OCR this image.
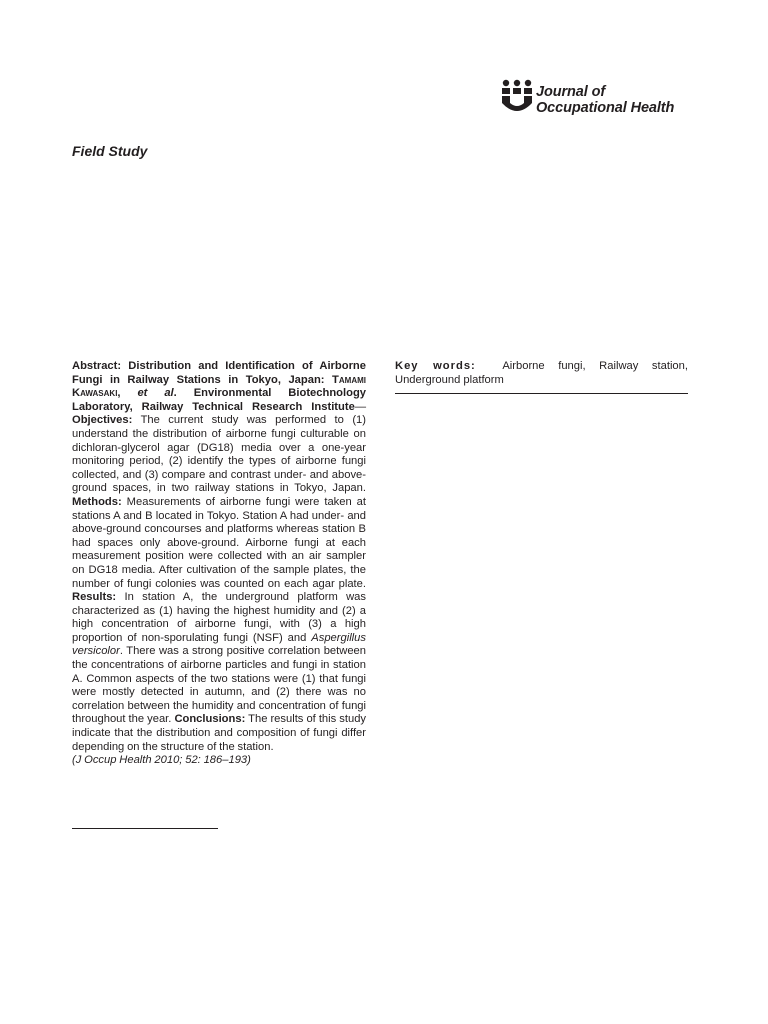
Journal of
Occupational Health

Field Study

Abstract: Distribution and Identification of Airborne Fungi in Railway Stations in Tokyo, Japan: Tamami Kawasaki, et al. Environmental Biotechnology Laboratory, Railway Technical Research Institute—Objectives: The current study was performed to (1) understand the distribution of airborne fungi culturable on dichloran-glycerol agar (DG18) media over a one-year monitoring period, (2) identify the types of airborne fungi collected, and (3) compare and contrast under- and above-ground spaces, in two railway stations in Tokyo, Japan. Methods: Measurements of airborne fungi were taken at stations A and B located in Tokyo. Station A had under- and above-ground concourses and platforms whereas station B had spaces only above-ground. Airborne fungi at each measurement position were collected with an air sampler on DG18 media. After cultivation of the sample plates, the number of fungi colonies was counted on each agar plate. Results: In station A, the underground platform was characterized as (1) having the highest humidity and (2) a high concentration of airborne fungi, with (3) a high proportion of non-sporulating fungi (NSF) and Aspergillus versicolor. There was a strong positive correlation between the concentrations of airborne particles and fungi in station A. Common aspects of the two stations were (1) that fungi were mostly detected in autumn, and (2) there was no correlation between the humidity and concentration of fungi throughout the year. Conclusions: The results of this study indicate that the distribution and composition of fungi differ depending on the structure of the station.
(J Occup Health 2010; 52: 186–193)

Key words: Airborne fungi, Railway station, Underground platform
